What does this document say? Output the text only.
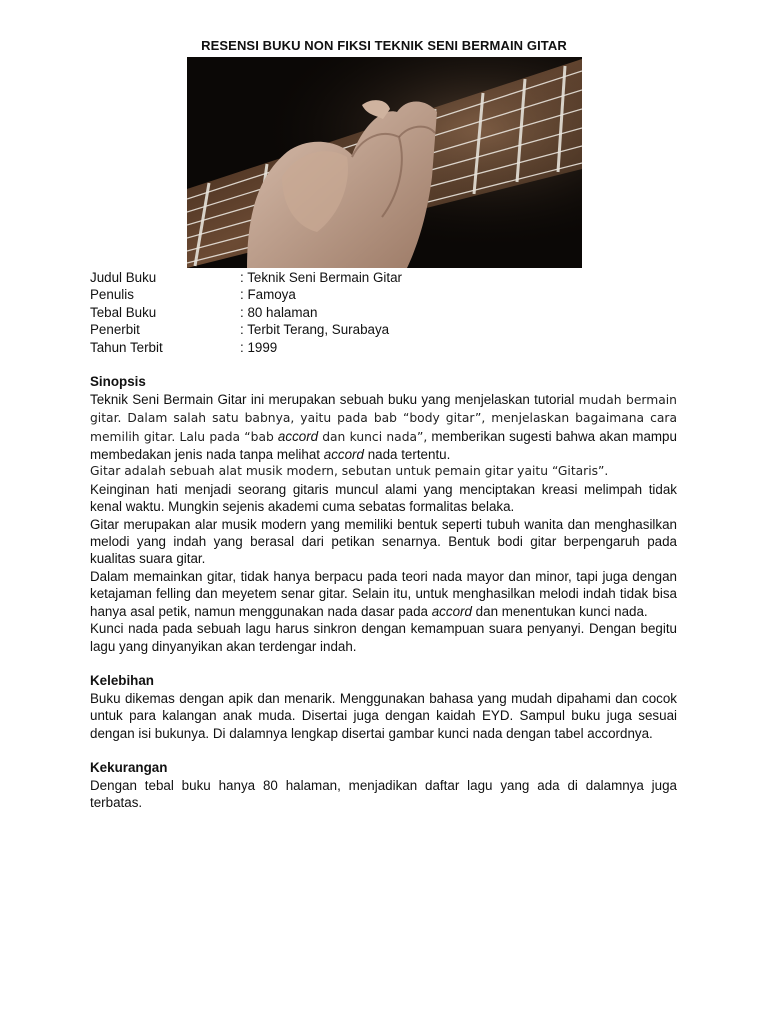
RESENSI BUKU NON FIKSI TEKNIK SENI BERMAIN GITAR
Judul Buku	: Teknik Seni Bermain Gitar
Penulis	: Famoya
Tebal Buku	: 80 halaman
Penerbit	: Terbit Terang, Surabaya
Tahun Terbit	: 1999
Sinopsis

Teknik Seni Bermain Gitar ini merupakan sebuah buku yang menjelaskan tutorial mudah bermain gitar. Dalam salah satu babnya, yaitu pada bab “body gitar”, menjelaskan bagaimana cara memilih gitar. Lalu pada “bab accord dan kunci nada”, memberikan sugesti bahwa akan mampu membedakan jenis nada tanpa melihat accord nada tertentu.

Gitar adalah sebuah alat musik modern, sebutan untuk pemain gitar yaitu “Gitaris”.

Keinginan hati menjadi seorang gitaris muncul alami yang menciptakan kreasi melimpah tidak kenal waktu. Mungkin sejenis akademi cuma sebatas formalitas belaka.

Gitar merupakan alar musik modern yang memiliki bentuk seperti tubuh wanita dan menghasilkan melodi yang indah yang berasal dari petikan senarnya. Bentuk bodi gitar berpengaruh pada kualitas suara gitar.

Dalam memainkan gitar, tidak hanya berpacu pada teori nada mayor dan minor, tapi juga dengan ketajaman felling dan meyetem senar gitar. Selain itu, untuk menghasilkan melodi indah tidak bisa hanya asal petik, namun menggunakan nada dasar pada accord dan menentukan kunci nada.

Kunci nada pada sebuah lagu harus sinkron dengan kemampuan suara penyanyi. Dengan begitu lagu yang dinyanyikan akan terdengar indah.

Kelebihan

Buku dikemas dengan apik dan menarik. Menggunakan bahasa yang mudah dipahami dan cocok untuk para kalangan anak muda. Disertai juga dengan kaidah EYD. Sampul buku juga sesuai dengan isi bukunya. Di dalamnya lengkap disertai gambar kunci nada dengan tabel accordnya.

Kekurangan

Dengan tebal buku hanya 80 halaman, menjadikan daftar lagu yang ada di dalamnya juga terbatas.
